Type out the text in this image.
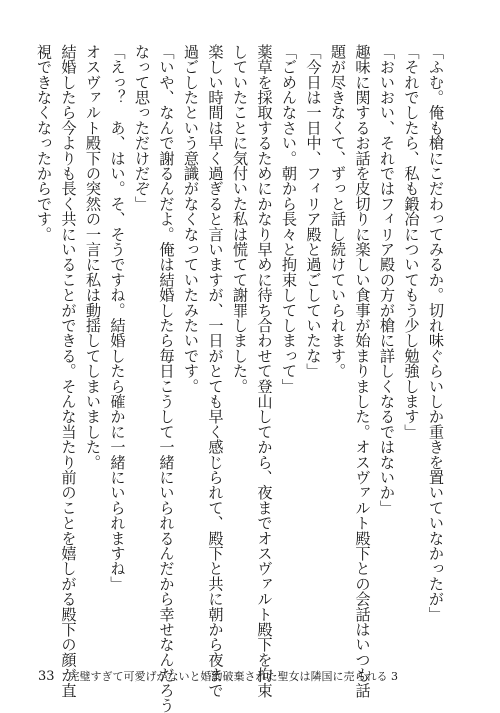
「ふむ。俺も槍にこだわってみるか。切れ味ぐらいしか重きを置いていなかったが」
「それでしたら、私も鍛冶についてもう少し勉強します」
「おいおい、それではフィリア殿の方が槍に詳しくなるではないか」
趣味に関するお話を皮切りに楽しい食事が始まりました。オスヴァルト殿下との会話はいつも話
題が尽きなくて、ずっと話し続けていられます。
「今日は一日中、フィリア殿と過ごしていたな」
「ごめんなさい。朝から長々と拘束してしまって」
薬草を採取するためにかなり早めに待ち合わせて登山してから、夜までオスヴァルト殿下を拘束
していたことに気付いた私は慌てて謝罪しました。
楽しい時間は早く過ぎると言いますが、一日がとても早く感じられて、殿下と共に朝から夜まで
過ごしたという意識がなくなっていたみたいです。
「いや、なんで謝るんだよ。俺は結婚したら毎日こうして一緒にいられるんだから幸せなんだろう
なって思っただけだぞ」
「えっ？　あ、はい。そ、そうですね。結婚したら確かに一緒にいられますね」
オスヴァルト殿下の突然の一言に私は動揺してしまいました。
結婚したら今よりも長く共にいることができる。そんな当たり前のことを嬉しがる殿下の顔が直
視できなくなったからです。
33 完璧すぎて可愛げがないと婚約破棄された聖女は隣国に売られる 3
